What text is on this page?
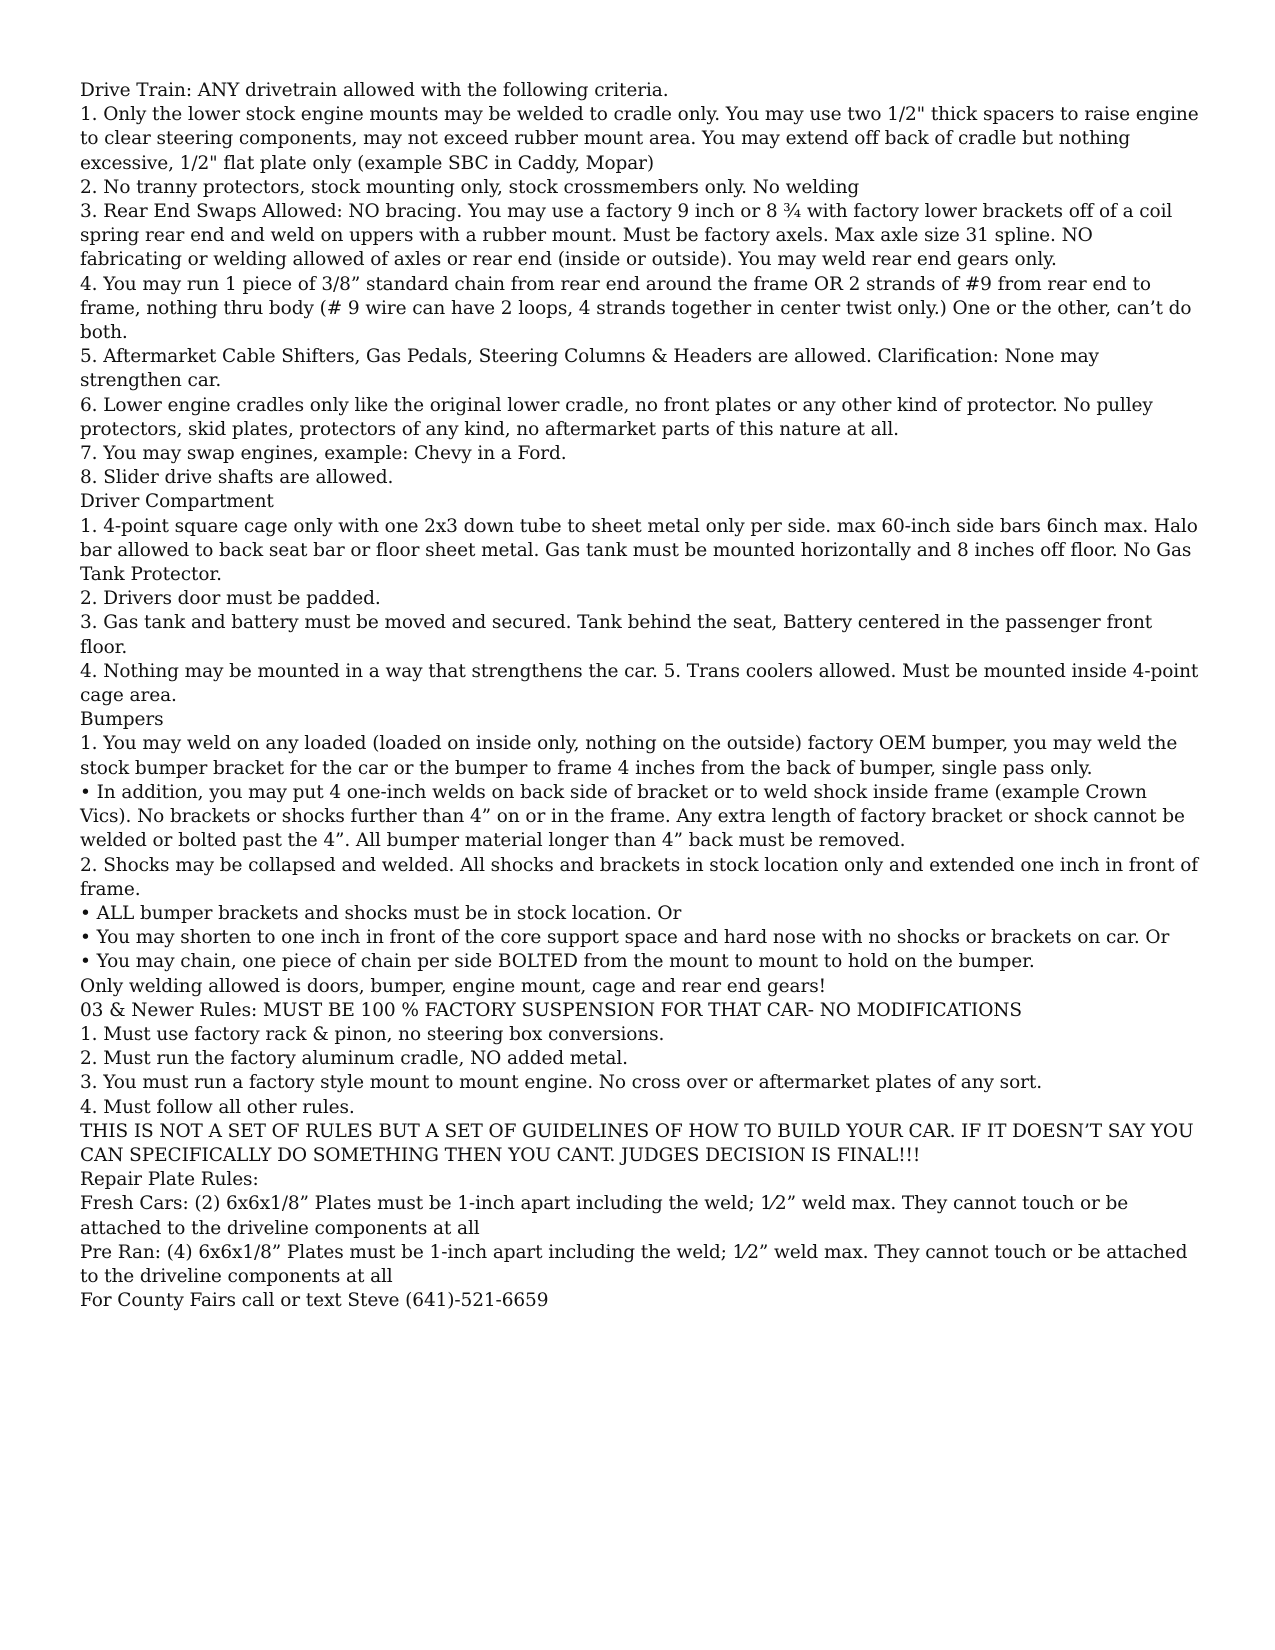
Drive Train: ANY drivetrain allowed with the following criteria.

1. Only the lower stock engine mounts may be welded to cradle only. You may use two 1/2" thick spacers to raise engine to clear steering components, may not exceed rubber mount area. You may extend off back of cradle but nothing excessive, 1/2" flat plate only (example SBC in Caddy, Mopar)

2. No tranny protectors, stock mounting only, stock crossmembers only. No welding

3. Rear End Swaps Allowed: NO bracing. You may use a factory 9 inch or 8 ¾ with factory lower brackets off of a coil spring rear end and weld on uppers with a rubber mount. Must be factory axels. Max axle size 31 spline. NO fabricating or welding allowed of axles or rear end (inside or outside). You may weld rear end gears only.

4. You may run 1 piece of 3/8” standard chain from rear end around the frame OR 2 strands of #9 from rear end to frame, nothing thru body (# 9 wire can have 2 loops, 4 strands together in center twist only.) One or the other, can’t do both.

5. Aftermarket Cable Shifters, Gas Pedals, Steering Columns & Headers are allowed. Clarification: None may strengthen car.

6. Lower engine cradles only like the original lower cradle, no front plates or any other kind of protector. No pulley protectors, skid plates, protectors of any kind, no aftermarket parts of this nature at all.

7. You may swap engines, example: Chevy in a Ford.

8. Slider drive shafts are allowed.

Driver Compartment

1. 4-point square cage only with one 2x3 down tube to sheet metal only per side. max 60-inch side bars 6inch max. Halo bar allowed to back seat bar or floor sheet metal. Gas tank must be mounted horizontally and 8 inches off floor. No Gas Tank Protector.

2. Drivers door must be padded.

3. Gas tank and battery must be moved and secured. Tank behind the seat, Battery centered in the passenger front floor.

4. Nothing may be mounted in a way that strengthens the car. 5. Trans coolers allowed. Must be mounted inside 4-point cage area.

Bumpers

1. You may weld on any loaded (loaded on inside only, nothing on the outside) factory OEM bumper, you may weld the stock bumper bracket for the car or the bumper to frame 4 inches from the back of bumper, single pass only.

• In addition, you may put 4 one-inch welds on back side of bracket or to weld shock inside frame (example Crown Vics). No brackets or shocks further than 4” on or in the frame. Any extra length of factory bracket or shock cannot be welded or bolted past the 4”. All bumper material longer than 4” back must be removed.

2. Shocks may be collapsed and welded. All shocks and brackets in stock location only and extended one inch in front of frame.

• ALL bumper brackets and shocks must be in stock location. Or

• You may shorten to one inch in front of the core support space and hard nose with no shocks or brackets on car. Or

• You may chain, one piece of chain per side BOLTED from the mount to mount to hold on the bumper.

Only welding allowed is doors, bumper, engine mount, cage and rear end gears!

03 & Newer Rules: MUST BE 100 % FACTORY SUSPENSION FOR THAT CAR- NO MODIFICATIONS

1. Must use factory rack & pinon, no steering box conversions.

2. Must run the factory aluminum cradle, NO added metal.

3. You must run a factory style mount to mount engine. No cross over or aftermarket plates of any sort.

4. Must follow all other rules.

THIS IS NOT A SET OF RULES BUT A SET OF GUIDELINES OF HOW TO BUILD YOUR CAR. IF IT DOESN’T SAY YOU CAN SPECIFICALLY DO SOMETHING THEN YOU CANT. JUDGES DECISION IS FINAL!!!

Repair Plate Rules:

Fresh Cars: (2) 6x6x1/8” Plates must be 1-inch apart including the weld; 1⁄2” weld max. They cannot touch or be attached to the driveline components at all

Pre Ran: (4) 6x6x1/8” Plates must be 1-inch apart including the weld; 1⁄2” weld max. They cannot touch or be attached to the driveline components at all

For County Fairs call or text Steve (641)-521-6659
